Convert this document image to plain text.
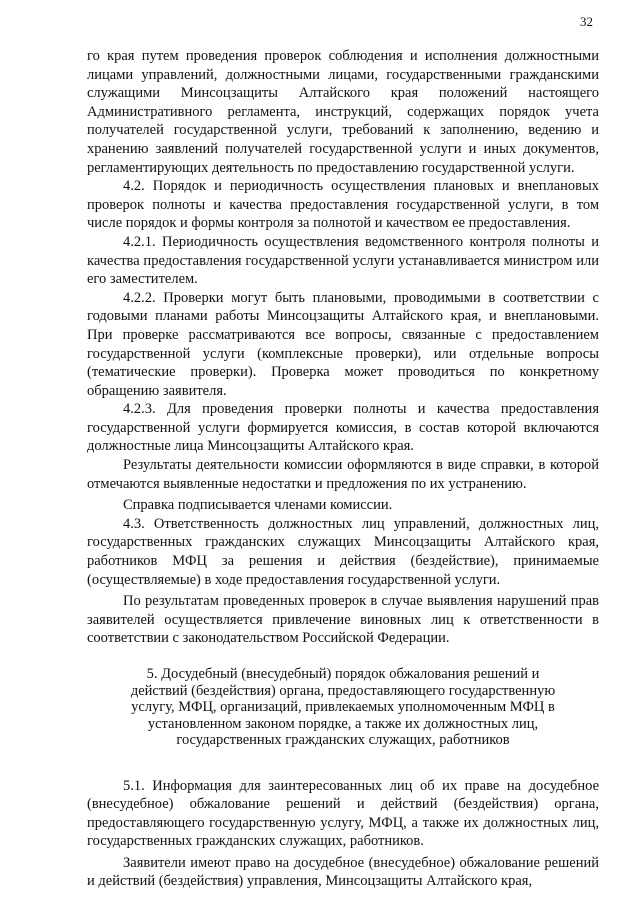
32

го края путем проведения проверок соблюдения и исполнения должностными лицами управлений, должностными лицами, государственными гражданскими служащими Минсоцзащиты Алтайского края положений настоящего Административного регламента, инструкций, содержащих порядок учета получателей государственной услуги, требований к заполнению, ведению и хранению заявлений получателей государственной услуги и иных документов, регламентирующих деятельность по предоставлению государственной услуги.

4.2. Порядок и периодичность осуществления плановых и внеплановых проверок полноты и качества предоставления государственной услуги, в том числе порядок и формы контроля за полнотой и качеством ее предоставления.

4.2.1. Периодичность осуществления ведомственного контроля полноты и качества предоставления государственной услуги устанавливается министром или его заместителем.

4.2.2. Проверки могут быть плановыми, проводимыми в соответствии с годовыми планами работы Минсоцзащиты Алтайского края, и внеплановыми. При проверке рассматриваются все вопросы, связанные с предоставлением государственной услуги (комплексные проверки), или отдельные вопросы (тематические проверки). Проверка может проводиться по конкретному обращению заявителя.

4.2.3. Для проведения проверки полноты и качества предоставления государственной услуги формируется комиссия, в состав которой включаются должностные лица Минсоцзащиты Алтайского края.

Результаты деятельности комиссии оформляются в виде справки, в которой отмечаются выявленные недостатки и предложения по их устранению.

Справка подписывается членами комиссии.

4.3. Ответственность должностных лиц управлений, должностных лиц, государственных гражданских служащих Минсоцзащиты Алтайского края, работников МФЦ за решения и действия (бездействие), принимаемые (осуществляемые) в ходе предоставления государственной услуги.

По результатам проведенных проверок в случае выявления нарушений прав заявителей осуществляется привлечение виновных лиц к ответственности в соответствии с законодательством Российской Федерации.

5. Досудебный (внесудебный) порядок обжалования решений и действий (бездействия) органа, предоставляющего государственную услугу, МФЦ, организаций, привлекаемых уполномоченным МФЦ в установленном законом порядке, а также их должностных лиц, государственных гражданских служащих, работников

5.1. Информация для заинтересованных лиц об их праве на досудебное (внесудебное) обжалование решений и действий (бездействия) органа, предоставляющего государственную услугу, МФЦ, а также их должностных лиц, государственных гражданских служащих, работников.

Заявители имеют право на досудебное (внесудебное) обжалование решений и действий (бездействия) управления, Минсоцзащиты Алтайского края,
